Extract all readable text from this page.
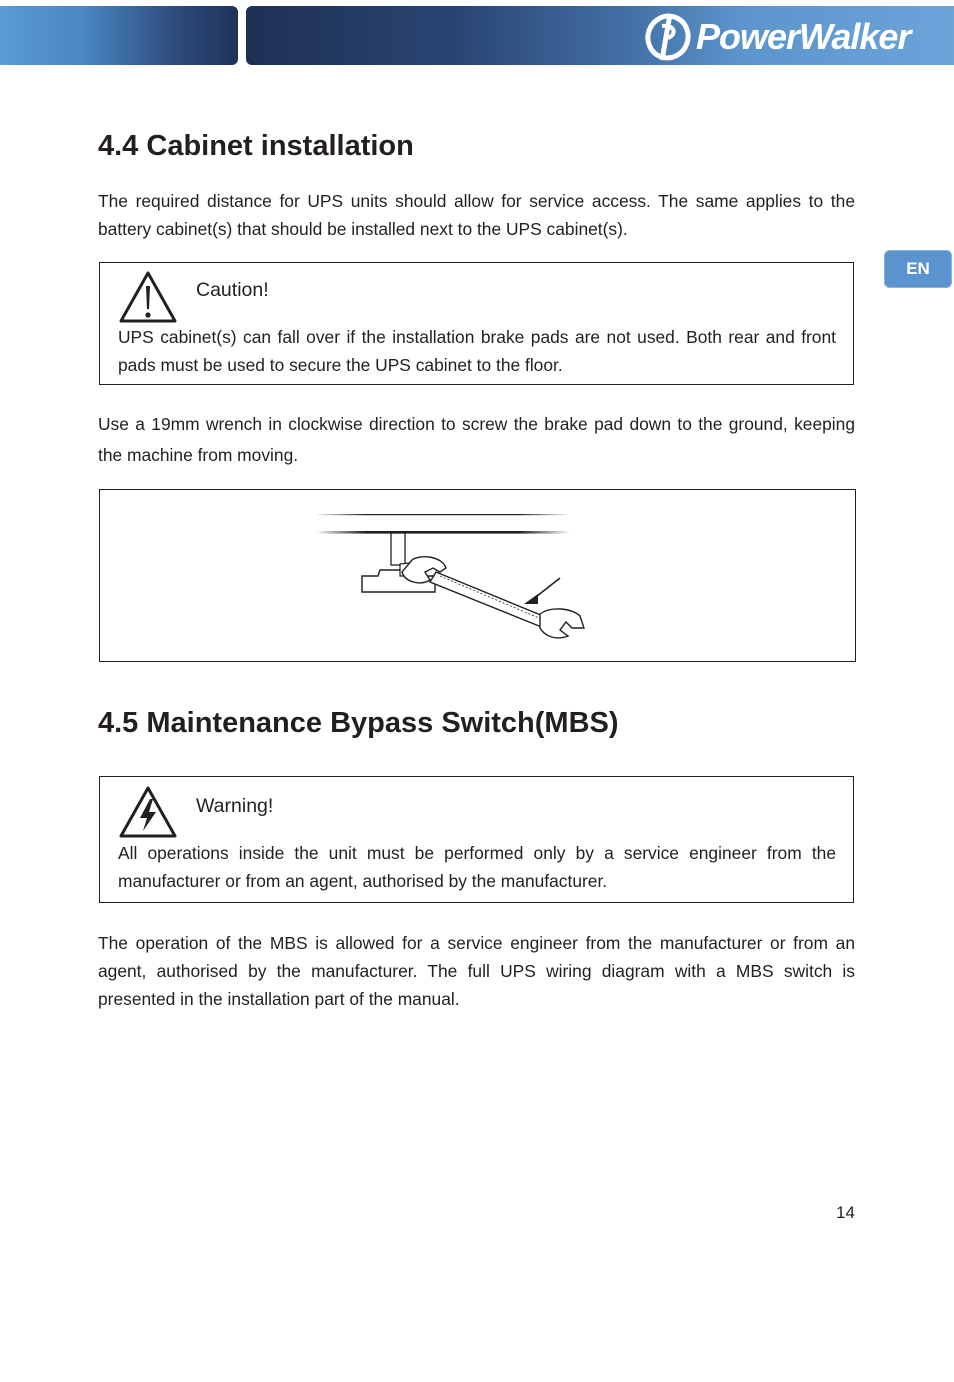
PowerWalker
EN
4.4 Cabinet installation

The required distance for UPS units should allow for service access. The same applies to the battery cabinet(s) that should be installed next to the UPS cabinet(s).

Caution!
UPS cabinet(s) can fall over if the installation brake pads are not used. Both rear and front pads must be used to secure the UPS cabinet to the floor.

Use a 19mm wrench in clockwise direction to screw the brake pad down to the ground, keeping the machine from moving.

4.5 Maintenance Bypass Switch(MBS)
Warning!
All operations inside the unit must be performed only by a service engineer from the manufacturer or from an agent, authorised by the manufacturer.

The operation of the MBS is allowed for a service engineer from the manufacturer or from an agent, authorised by the manufacturer. The full UPS wiring diagram with a MBS switch is presented in the installation part of the manual.

14
